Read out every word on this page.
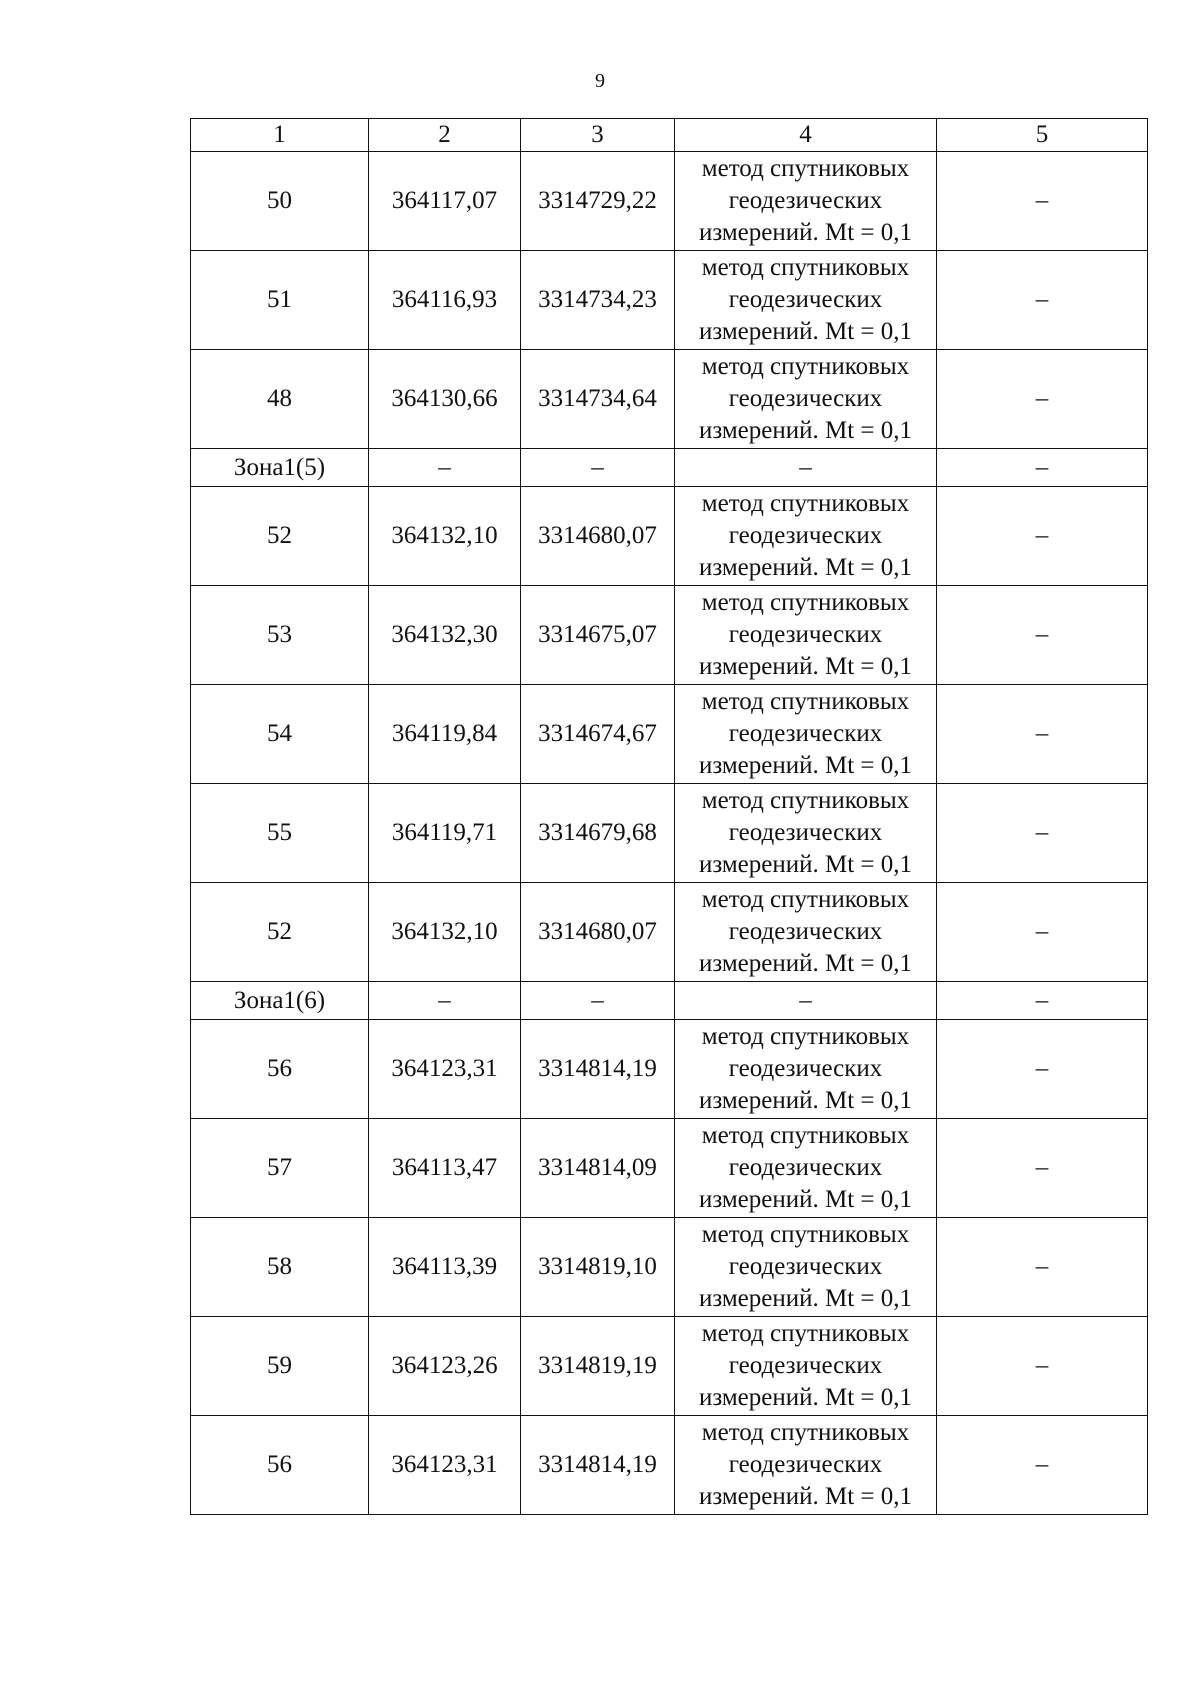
9
1	2	3	4	5
50	364117,07	3314729,22	метод спутниковых
геодезических
измерений. Mt = 0,1	–
51	364116,93	3314734,23	метод спутниковых
геодезических
измерений. Mt = 0,1	–
48	364130,66	3314734,64	метод спутниковых
геодезических
измерений. Mt = 0,1	–
Зона1(5)	–	–	–	–
52	364132,10	3314680,07	метод спутниковых
геодезических
измерений. Mt = 0,1	–
53	364132,30	3314675,07	метод спутниковых
геодезических
измерений. Mt = 0,1	–
54	364119,84	3314674,67	метод спутниковых
геодезических
измерений. Mt = 0,1	–
55	364119,71	3314679,68	метод спутниковых
геодезических
измерений. Mt = 0,1	–
52	364132,10	3314680,07	метод спутниковых
геодезических
измерений. Mt = 0,1	–
Зона1(6)	–	–	–	–
56	364123,31	3314814,19	метод спутниковых
геодезических
измерений. Mt = 0,1	–
57	364113,47	3314814,09	метод спутниковых
геодезических
измерений. Mt = 0,1	–
58	364113,39	3314819,10	метод спутниковых
геодезических
измерений. Mt = 0,1	–
59	364123,26	3314819,19	метод спутниковых
геодезических
измерений. Mt = 0,1	–
56	364123,31	3314814,19	метод спутниковых
геодезических
измерений. Mt = 0,1	–
